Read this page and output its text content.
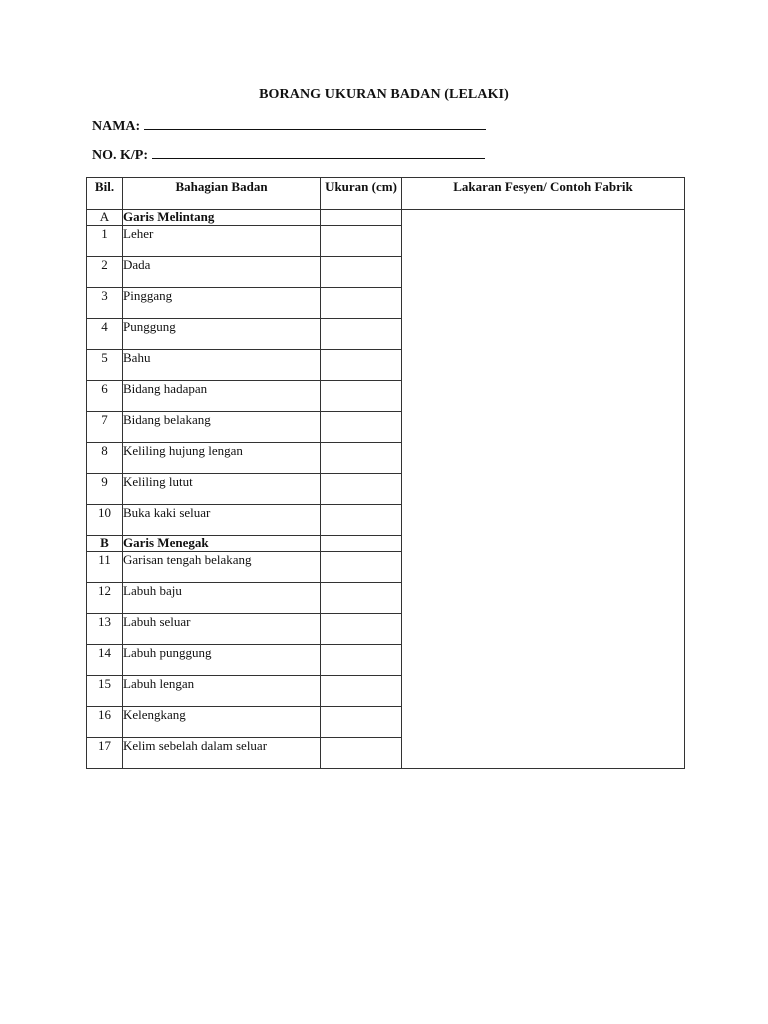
BORANG UKURAN BADAN (LELAKI)
NAMA:
NO. K/P:
Bil.	Bahagian Badan	Ukuran (cm)	Lakaran Fesyen/ Contoh Fabrik
A	Garis Melintang		
1	Leher		
2	Dada		
3	Pinggang		
4	Punggung		
5	Bahu		
6	Bidang hadapan		
7	Bidang belakang		
8	Keliling hujung lengan		
9	Keliling lutut		
10	Buka kaki seluar		
B	Garis Menegak		
11	Garisan tengah belakang		
12	Labuh baju		
13	Labuh seluar		
14	Labuh punggung		
15	Labuh lengan		
16	Kelengkang		
17	Kelim sebelah dalam seluar		
